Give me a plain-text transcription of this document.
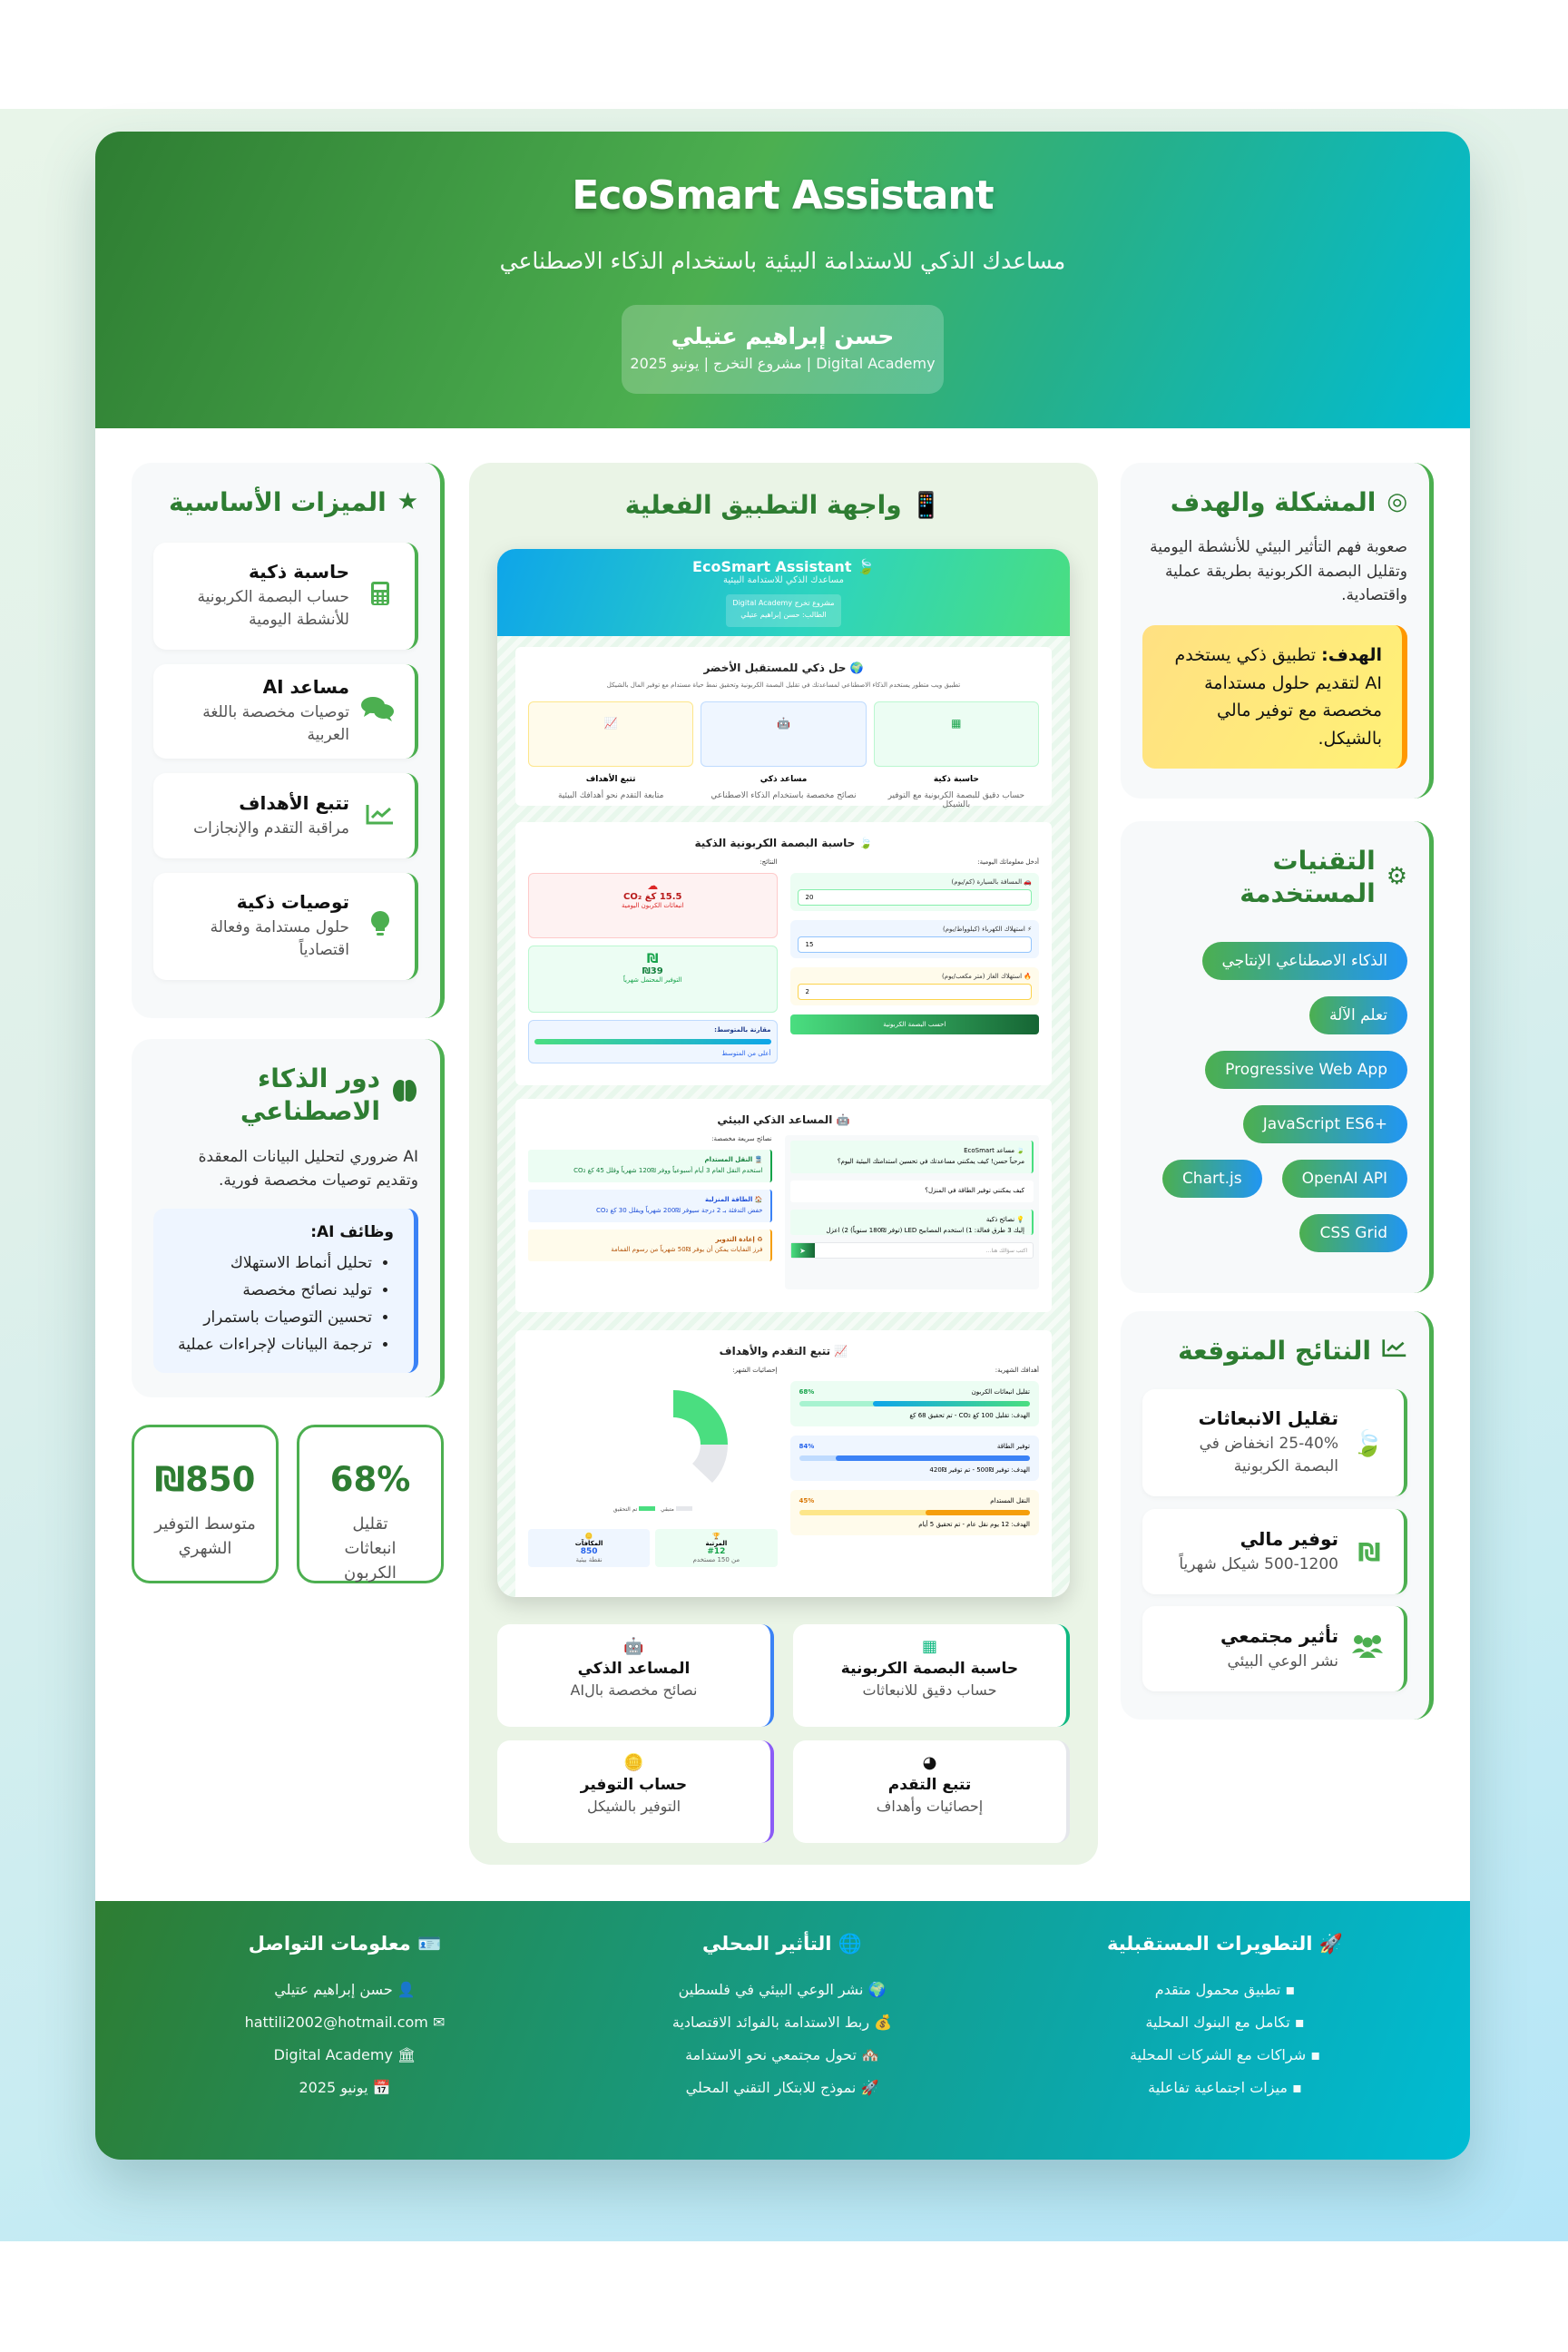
EcoSmart Assistant
مساعدك الذكي للاستدامة البيئية باستخدام الذكاء الاصطناعي
حسن إبراهيم عتيلي
Digital Academy | مشروع التخرج | يونيو 2025
★
الميزات الأساسية
حاسبة ذكية
حساب البصمة الكربونية للأنشطة اليومية
مساعد AI
توصيات مخصصة باللغة العربية
تتبع الأهداف
مراقبة التقدم والإنجازات
توصيات ذكية
حلول مستدامة وفعالة اقتصادياً
دور الذكاء الاصطناعي
AI ضروري لتحليل البيانات المعقدة وتقديم توصيات مخصصة فورية.
وظائف AI:
• تحليل أنماط الاستهلاك
• توليد نصائح مخصصة
• تحسين التوصيات باستمرار
• ترجمة البيانات لإجراءات عملية
68%
تقليل انبعاثات الكربون
₪850
متوسط التوفير الشهري
📱 واجهة التطبيق الفعلية
EcoSmart Assistant 🍃
مساعدك الذكي للاستدامة البيئية
مشروع تخرج Digital Academy
الطالب: حسن إبراهيم عتيلي
🌍 حل ذكي للمستقبل الأخضر
تطبيق ويب متطور يستخدم الذكاء الاصطناعي لمساعدتك في تقليل البصمة الكربونية وتحقيق نمط حياة مستدام مع توفير المال بالشيكل
▦
حاسبة ذكية
حساب دقيق للبصمة الكربونية مع التوفير بالشيكل
🤖
مساعد ذكي
نصائح مخصصة باستخدام الذكاء الاصطناعي
📈
تتبع الأهداف
متابعة التقدم نحو أهدافك البيئية
🍃 حاسبة البصمة الكربونية الذكية
أدخل معلوماتك اليومية:
🚗 المسافة بالسيارة (كم/يوم)
20
⚡ استهلاك الكهرباء (كيلوواط/يوم)
15
🔥 استهلاك الغاز (متر مكعب/يوم)
2
احسب البصمة الكربونية
النتائج:
☁
15.5 كغ CO₂
انبعاثات الكربون اليومية
₪
₪39
التوفير المحتمل شهرياً
مقارنة بالمتوسط:
أعلى من المتوسط
🤖 المساعد الذكي البيئي
🍃 مساعد EcoSmart
مرحباً حسن! كيف يمكنني مساعدتك في تحسين استدامتك البيئية اليوم؟
كيف يمكنني توفير الطاقة في المنزل؟
💡 نصائح ذكية
إليك 3 طرق فعالة: 1) استخدم المصابيح LED (توفر ₪180 سنوياً) 2) اعزل
اكتب سؤالك هنا...
➤
نصائح سريعة مخصصة:
🚆 النقل المستدام
استخدم النقل العام 3 أيام أسبوعياً ووفر ₪120 شهرياً وقلل 45 كغ CO₂
🏠 الطاقة المنزلية
خفض التدفئة بـ 2 درجة سيوفر ₪200 شهرياً ويقلل 30 كغ CO₂
♻ إعادة التدوير
فرز النفايات يمكن أن يوفر ₪50 شهرياً من رسوم القمامة
📈 تتبع التقدم والأهداف
أهدافك الشهرية:
تقليل انبعاثات الكربون
68%
الهدف: تقليل 100 كغ CO₂ - تم تحقيق 68 كغ
توفير الطاقة
84%
الهدف: توفير ₪500 - تم توفير ₪420
النقل المستدام
45%
الهدف: 12 يوم نقل عام - تم تحقيق 5 أيام
إحصائيات الشهر:
متبقي    تم التحقيق
🏆
المرتبة
#12
من 150 مستخدم
🪙
المكافآت
850
نقطة بيئية
▦
حاسبة البصمة الكربونية
حساب دقيق للانبعاثات
🤖
المساعد الذكي
نصائح مخصصة بالAI
◕
تتبع التقدم
إحصائيات وأهداف
🪙
حساب التوفير
التوفير بالشيكل
◎
المشكلة والهدف
صعوبة فهم التأثير البيئي للأنشطة اليومية وتقليل البصمة الكربونية بطريقة عملية واقتصادية.
الهدف: تطبيق ذكي يستخدم AI لتقديم حلول مستدامة مخصصة مع توفير مالي بالشيكل.
⚙
التقنيات المستخدمة
الذكاء الاصطناعي الإنتاجي
تعلم الآلة
Progressive Web App
JavaScript ES6+
OpenAI API
Chart.js
CSS Grid
النتائج المتوقعة
🍃
تقليل الانبعاثات
25-40% انخفاض في البصمة الكربونية
₪
توفير مالي
500-1200 شيكل شهرياً
تأثير مجتمعي
نشر الوعي البيئي
🚀 التطويرات المستقبلية

▪ تطبيق محمول متقدم

▪ تكامل مع البنوك المحلية

▪ شراكات مع الشركات المحلية

▪ ميزات اجتماعية تفاعلية

🌐 التأثير المحلي

🌍 نشر الوعي البيئي في فلسطين

💰 ربط الاستدامة بالفوائد الاقتصادية

🏘️ تحول مجتمعي نحو الاستدامة

🚀 نموذج للابتكار التقني المحلي

🪪 معلومات التواصل

👤 حسن إبراهيم عتيلي

✉ hattili2002@hotmail.com

🏛 Digital Academy

📅 يونيو 2025
